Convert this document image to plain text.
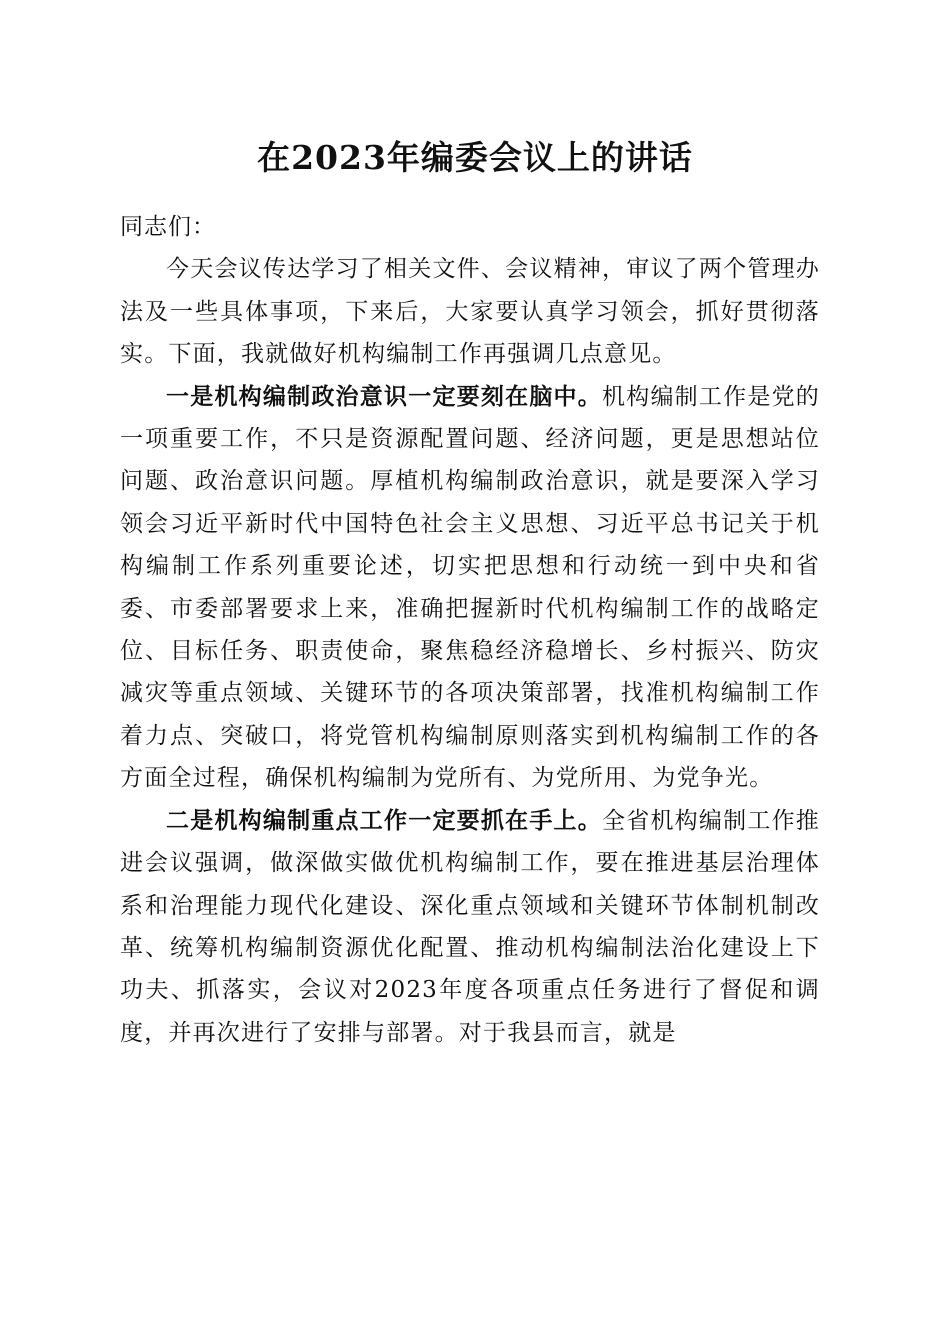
在2023年编委会议上的讲话

同志们：

今天会议传达学习了相关文件、会议精神，审议了两个管理办法及一些具体事项，下来后，大家要认真学习领会，抓好贯彻落实。下面，我就做好机构编制工作再强调几点意见。

一是机构编制政治意识一定要刻在脑中。机构编制工作是党的一项重要工作，不只是资源配置问题、经济问题，更是思想站位问题、政治意识问题。厚植机构编制政治意识，就是要深入学习领会习近平新时代中国特色社会主义思想、习近平总书记关于机构编制工作系列重要论述，切实把思想和行动统一到中央和省委、市委部署要求上来，准确把握新时代机构编制工作的战略定位、目标任务、职责使命，聚焦稳经济稳增长、乡村振兴、防灾减灾等重点领域、关键环节的各项决策部署，找准机构编制工作着力点、突破口，将党管机构编制原则落实到机构编制工作的各方面全过程，确保机构编制为党所有、为党所用、为党争光。

二是机构编制重点工作一定要抓在手上。全省机构编制工作推进会议强调，做深做实做优机构编制工作，要在推进基层治理体系和治理能力现代化建设、深化重点领域和关键环节体制机制改革、统筹机构编制资源优化配置、推动机构编制法治化建设上下功夫、抓落实，会议对2023年度各项重点任务进行了督促和调度，并再次进行了安排与部署。对于我县而言，就是
